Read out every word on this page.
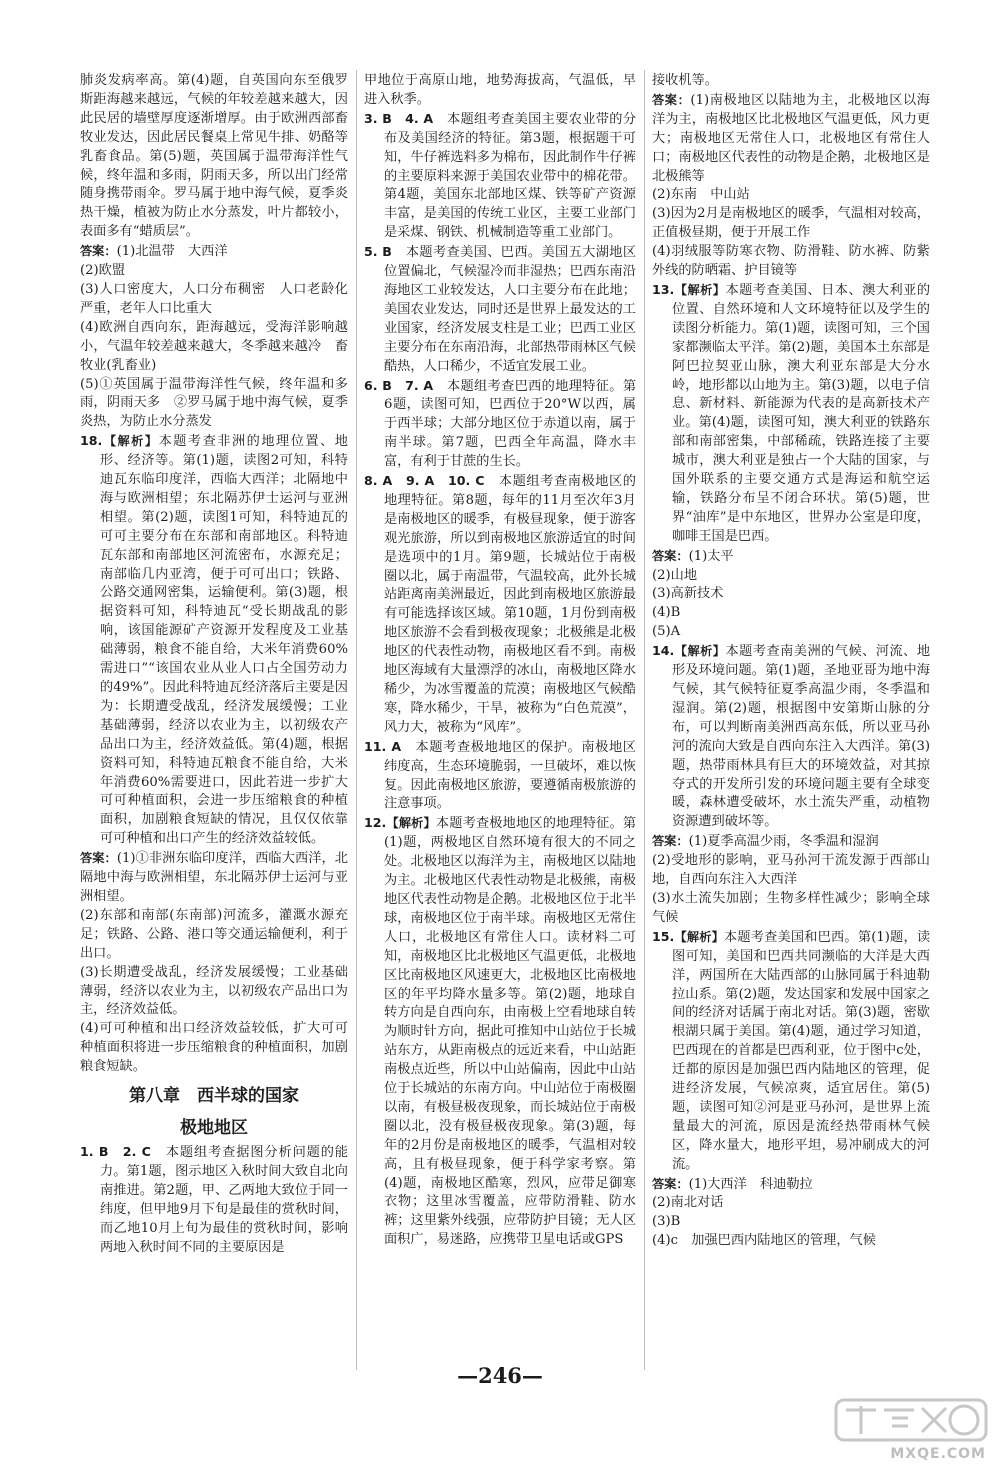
肺炎发病率高。第(4)题，自英国向东至俄罗斯距海越来越远，气候的年较差越来越大，因此民居的墙壁厚度逐渐增厚。由于欧洲西部畜牧业发达，因此居民餐桌上常见牛排、奶酪等乳畜食品。第(5)题，英国属于温带海洋性气候，终年温和多雨，阴雨天多，所以出门经常随身携带雨伞。罗马属于地中海气候，夏季炎热干燥，植被为防止水分蒸发，叶片都较小，表面多有“蜡质层”。

答案：(1)北温带　大西洋

(2)欧盟

(3)人口密度大，人口分布稠密　人口老龄化严重，老年人口比重大

(4)欧洲自西向东，距海越远，受海洋影响越小，气温年较差越来越大，冬季越来越冷　畜牧业(乳畜业)

(5)①英国属于温带海洋性气候，终年温和多雨，阴雨天多　②罗马属于地中海气候，夏季炎热，为防止水分蒸发

18.【解析】本题考查非洲的地理位置、地形、经济等。第(1)题，读图2可知，科特迪瓦东临印度洋，西临大西洋；北隔地中海与欧洲相望；东北隔苏伊士运河与亚洲相望。第(2)题，读图1可知，科特迪瓦的可可主要分布在东部和南部地区。科特迪瓦东部和南部地区河流密布，水源充足；南部临几内亚湾，便于可可出口；铁路、公路交通网密集，运输便利。第(3)题，根据资料可知，科特迪瓦“受长期战乱的影响，该国能源矿产资源开发程度及工业基础薄弱，粮食不能自给，大米年消费60%需进口”“该国农业从业人口占全国劳动力的49%”。因此科特迪瓦经济落后主要是因为：长期遭受战乱，经济发展缓慢；工业基础薄弱，经济以农业为主，以初级农产品出口为主，经济效益低。第(4)题，根据资料可知，科特迪瓦粮食不能自给，大米年消费60%需要进口，因此若进一步扩大可可种植面积，会进一步压缩粮食的种植面积，加剧粮食短缺的情况，且仅仅依靠可可种植和出口产生的经济效益较低。

答案：(1)①非洲东临印度洋，西临大西洋，北隔地中海与欧洲相望，东北隔苏伊士运河与亚洲相望。

(2)东部和南部(东南部)河流多，灌溉水源充足；铁路、公路、港口等交通运输便利，利于出口。

(3)长期遭受战乱，经济发展缓慢；工业基础薄弱，经济以农业为主，以初级农产品出口为主，经济效益低。

(4)可可种植和出口经济效益较低，扩大可可种植面积将进一步压缩粮食的种植面积，加剧粮食短缺。

第八章　西半球的国家
极地地区

1. B　2. C　本题组考查据图分析问题的能力。第1题，图示地区入秋时间大致自北向南推进。第2题，甲、乙两地大致位于同一纬度，但甲地9月下旬是最佳的赏秋时间，而乙地10月上旬为最佳的赏秋时间，影响两地入秋时间不同的主要原因是

甲地位于高原山地，地势海拔高，气温低，早进入秋季。

3. B　4. A　本题组考查美国主要农业带的分布及美国经济的特征。第3题，根据题干可知，牛仔裤选料多为棉布，因此制作牛仔裤的主要原料来源于美国农业带中的棉花带。第4题，美国东北部地区煤、铁等矿产资源丰富，是美国的传统工业区，主要工业部门是采煤、钢铁、机械制造等重工业部门。

5. B　本题考查美国、巴西。美国五大湖地区位置偏北，气候湿冷而非湿热；巴西东南沿海地区工业较发达，人口主要分布在此地；美国农业发达，同时还是世界上最发达的工业国家，经济发展支柱是工业；巴西工业区主要分布在东南沿海，北部热带雨林区气候酷热，人口稀少，不适宜发展工业。

6. B　7. A　本题组考查巴西的地理特征。第6题，读图可知，巴西位于20°W以西，属于西半球；大部分地区位于赤道以南，属于南半球。第7题，巴西全年高温，降水丰富，有利于甘蔗的生长。

8. A　9. A　10. C　本题组考查南极地区的地理特征。第8题，每年的11月至次年3月是南极地区的暖季，有极昼现象，便于游客观光旅游，所以到南极地区旅游适宜的时间是选项中的1月。第9题，长城站位于南极圈以北，属于南温带，气温较高，此外长城站距离南美洲最近，因此到南极地区旅游最有可能选择该区域。第10题，1月份到南极地区旅游不会看到极夜现象；北极熊是北极地区的代表性动物，南极地区看不到。南极地区海域有大量漂浮的冰山，南极地区降水稀少，为冰雪覆盖的荒漠；南极地区气候酷寒，降水稀少，干旱，被称为“白色荒漠”，风力大，被称为“风库”。

11. A　本题考查极地地区的保护。南极地区纬度高，生态环境脆弱，一旦破坏，难以恢复。因此南极地区旅游，要遵循南极旅游的注意事项。

12.【解析】本题考查极地地区的地理特征。第(1)题，两极地区自然环境有很大的不同之处。北极地区以海洋为主，南极地区以陆地为主。北极地区代表性动物是北极熊，南极地区代表性动物是企鹅。北极地区位于北半球，南极地区位于南半球。南极地区无常住人口，北极地区有常住人口。读材料二可知，南极地区比北极地区气温更低，北极地区比南极地区风速更大，北极地区比南极地区的年平均降水量多等。第(2)题，地球自转方向是自西向东，由南极上空看地球自转为顺时针方向，据此可推知中山站位于长城站东方，从距南极点的远近来看，中山站距南极点近些，所以中山站偏南，因此中山站位于长城站的东南方向。中山站位于南极圈以南，有极昼极夜现象，而长城站位于南极圈以北，没有极昼极夜现象。第(3)题，每年的2月份是南极地区的暖季，气温相对较高，且有极昼现象，便于科学家考察。第(4)题，南极地区酷寒，烈风，应带足御寒衣物；这里冰雪覆盖，应带防滑鞋、防水裤；这里紫外线强，应带防护目镜；无人区面积广，易迷路，应携带卫星电话或GPS

接收机等。

答案：(1)南极地区以陆地为主，北极地区以海洋为主，南极地区比北极地区气温更低，风力更大；南极地区无常住人口，北极地区有常住人口；南极地区代表性的动物是企鹅，北极地区是北极熊等

(2)东南　中山站

(3)因为2月是南极地区的暖季，气温相对较高，正值极昼期，便于开展工作

(4)羽绒服等防寒衣物、防滑鞋、防水裤、防紫外线的防晒霜、护目镜等

13.【解析】本题考查美国、日本、澳大利亚的位置、自然环境和人文环境特征以及学生的读图分析能力。第(1)题，读图可知，三个国家都濒临太平洋。第(2)题，美国本土东部是阿巴拉契亚山脉，澳大利亚东部是大分水岭，地形都以山地为主。第(3)题，以电子信息、新材料、新能源为代表的是高新技术产业。第(4)题，读图可知，澳大利亚的铁路东部和南部密集，中部稀疏，铁路连接了主要城市，澳大利亚是独占一个大陆的国家，与国外联系的主要交通方式是海运和航空运输，铁路分布呈不闭合环状。第(5)题，世界“油库”是中东地区，世界办公室是印度，咖啡王国是巴西。

答案：(1)太平

(2)山地

(3)高新技术

(4)B

(5)A

14.【解析】本题考查南美洲的气候、河流、地形及环境问题。第(1)题，圣地亚哥为地中海气候，其气候特征夏季高温少雨，冬季温和湿润。第(2)题，根据图中安第斯山脉的分布，可以判断南美洲西高东低，所以亚马孙河的流向大致是自西向东注入大西洋。第(3)题，热带雨林具有巨大的环境效益，对其掠夺式的开发所引发的环境问题主要有全球变暖，森林遭受破坏，水土流失严重，动植物资源遭到破坏等。

答案：(1)夏季高温少雨，冬季温和湿润

(2)受地形的影响，亚马孙河干流发源于西部山地，自西向东注入大西洋

(3)水土流失加剧；生物多样性减少；影响全球气候

15.【解析】本题考查美国和巴西。第(1)题，读图可知，美国和巴西共同濒临的大洋是大西洋，两国所在大陆西部的山脉同属于科迪勒拉山系。第(2)题，发达国家和发展中国家之间的经济对话属于南北对话。第(3)题，密歇根湖只属于美国。第(4)题，通过学习知道，巴西现在的首都是巴西利亚，位于图中c处，迁都的原因是加强巴西内陆地区的管理，促进经济发展，气候凉爽，适宜居住。第(5)题，读图可知②河是亚马孙河，是世界上流量最大的河流，原因是流经热带雨林气候区，降水量大，地形平坦，易冲刷成大的河流。

答案：(1)大西洋　科迪勒拉

(2)南北对话

(3)B

(4)c　加强巴西内陆地区的管理，气候

—246—
MXQE.COM
